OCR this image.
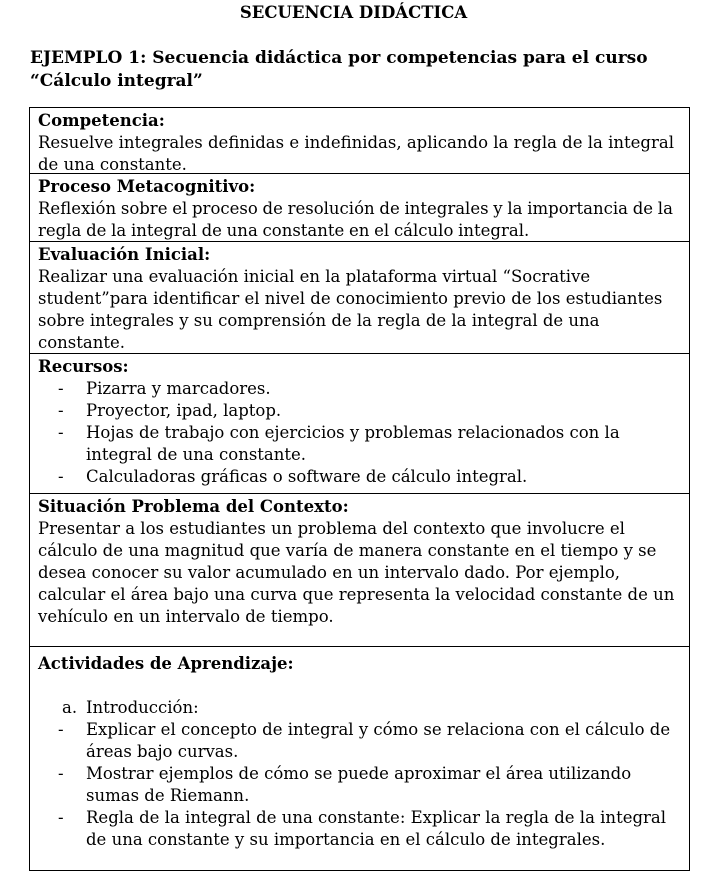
SECUENCIA DIDÁCTICA
EJEMPLO 1: Secuencia didáctica por competencias para el curso “Cálculo integral”
Competencia:
Resuelve integrales definidas e indefinidas, aplicando la regla de la integral de una constante.
Proceso Metacognitivo:
Reflexión sobre el proceso de resolución de integrales y la importancia de la regla de la integral de una constante en el cálculo integral.
Evaluación Inicial:
Realizar una evaluación inicial en la plataforma virtual “Socrative student”para identificar el nivel de conocimiento previo de los estudiantes sobre integrales y su comprensión de la regla de la integral de una constante.
Recursos:
- Pizarra y marcadores.
- Proyector, ipad, laptop.
- Hojas de trabajo con ejercicios y problemas relacionados con la integral de una constante.
- Calculadoras gráficas o software de cálculo integral.
Situación Problema del Contexto:
Presentar a los estudiantes un problema del contexto que involucre el cálculo de una magnitud que varía de manera constante en el tiempo y se desea conocer su valor acumulado en un intervalo dado. Por ejemplo, calcular el área bajo una curva que representa la velocidad constante de un vehículo en un intervalo de tiempo.
Actividades de Aprendizaje:
a. Introducción:
- Explicar el concepto de integral y cómo se relaciona con el cálculo de áreas bajo curvas.
- Mostrar ejemplos de cómo se puede aproximar el área utilizando sumas de Riemann.
- Regla de la integral de una constante: Explicar la regla de la integral de una constante y su importancia en el cálculo de integrales.
